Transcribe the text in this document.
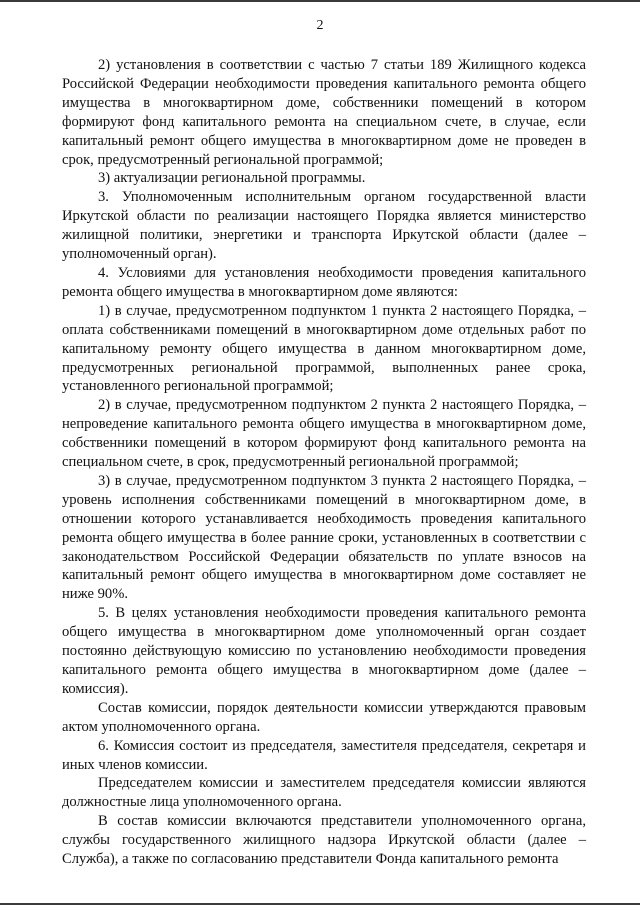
2

2) установления в соответствии с частью 7 статьи 189 Жилищного кодекса Российской Федерации необходимости проведения капитального ремонта общего имущества в многоквартирном доме, собственники помещений в котором формируют фонд капитального ремонта на специальном счете, в случае, если капитальный ремонт общего имущества в многоквартирном доме не проведен в срок, предусмотренный региональной программой;

3) актуализации региональной программы.

3. Уполномоченным исполнительным органом государственной власти Иркутской области по реализации настоящего Порядка является министерство жилищной политики, энергетики и транспорта Иркутской области (далее – уполномоченный орган).

4. Условиями для установления необходимости проведения капитального ремонта общего имущества в многоквартирном доме являются:

1) в случае, предусмотренном подпунктом 1 пункта 2 настоящего Порядка, – оплата собственниками помещений в многоквартирном доме отдельных работ по капитальному ремонту общего имущества в данном многоквартирном доме, предусмотренных региональной программой, выполненных ранее срока, установленного региональной программой;

2) в случае, предусмотренном подпунктом 2 пункта 2 настоящего Порядка, – непроведение капитального ремонта общего имущества в многоквартирном доме, собственники помещений в котором формируют фонд капитального ремонта на специальном счете, в срок, предусмотренный региональной программой;

3) в случае, предусмотренном подпунктом 3 пункта 2 настоящего Порядка, – уровень исполнения собственниками помещений в многоквартирном доме, в отношении которого устанавливается необходимость проведения капитального ремонта общего имущества в более ранние сроки, установленных в соответствии с законодательством Российской Федерации обязательств по уплате взносов на капитальный ремонт общего имущества в многоквартирном доме составляет не ниже 90%.

5. В целях установления необходимости проведения капитального ремонта общего имущества в многоквартирном доме уполномоченный орган создает постоянно действующую комиссию по установлению необходимости проведения капитального ремонта общего имущества в многоквартирном доме (далее – комиссия).

Состав комиссии, порядок деятельности комиссии утверждаются правовым актом уполномоченного органа.

6. Комиссия состоит из председателя, заместителя председателя, секретаря и иных членов комиссии.

Председателем комиссии и заместителем председателя комиссии являются должностные лица уполномоченного органа.

В состав комиссии включаются представители уполномоченного органа, службы государственного жилищного надзора Иркутской области (далее – Служба), а также по согласованию представители Фонда капитального ремонта
